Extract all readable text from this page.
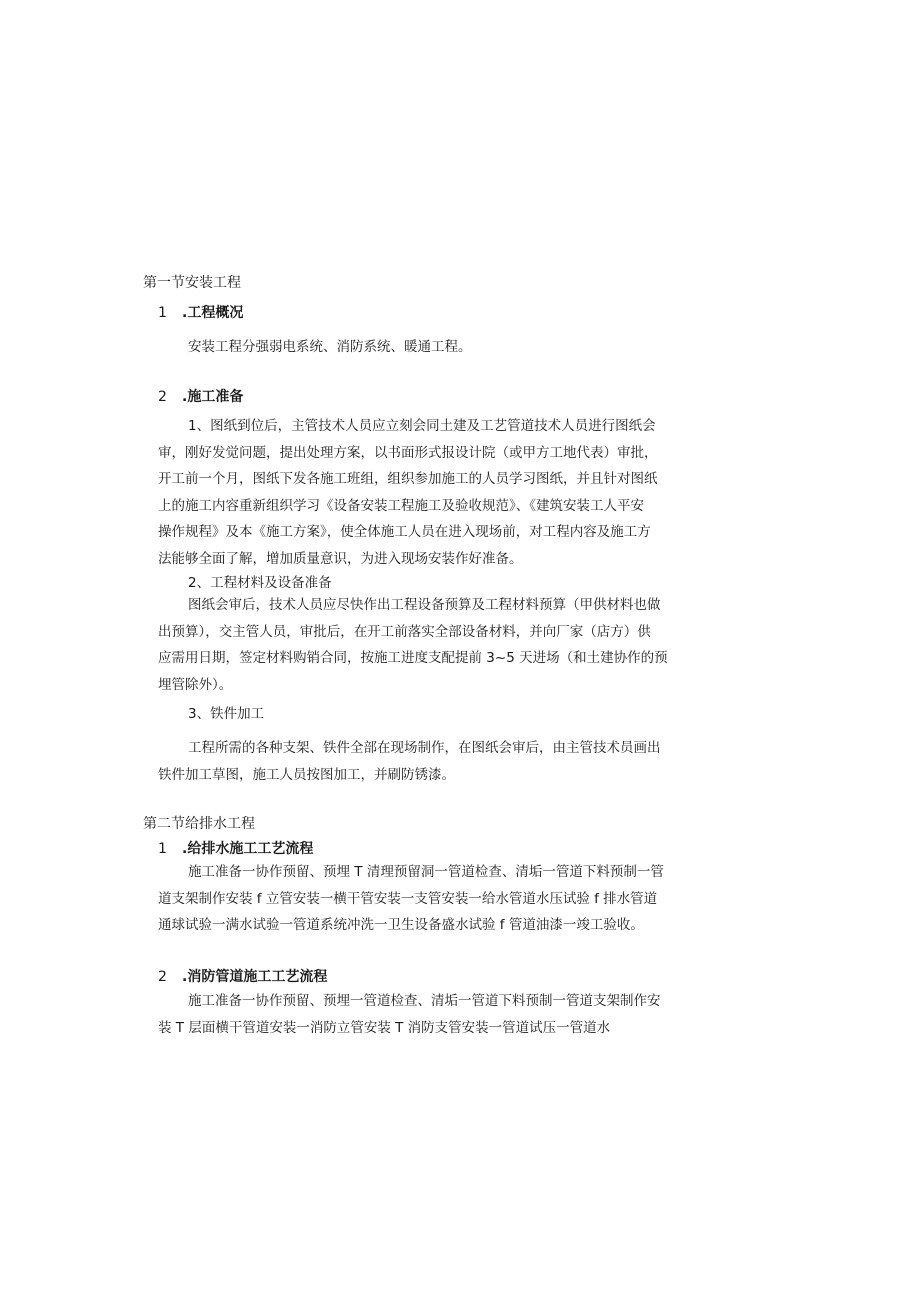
第一节安装工程
1 .工程概况
安装工程分强弱电系统、消防系统、暖通工程。
2 .施工准备
1、图纸到位后，主管技术人员应立刻会同土建及工艺管道技术人员进行图纸会
审，刚好发觉问题，提出处理方案，以书面形式报设计院（或甲方工地代表）审批，
开工前一个月，图纸下发各施工班组，组织参加施工的人员学习图纸，并且针对图纸
上的施工内容重新组织学习《设备安装工程施工及验收规范》、《建筑安装工人平安
操作规程》及本《施工方案》，使全体施工人员在进入现场前，对工程内容及施工方
法能够全面了解，增加质量意识，为进入现场安装作好准备。
2、工程材料及设备准备
图纸会审后，技术人员应尽快作出工程设备预算及工程材料预算（甲供材料也做
出预算），交主管人员，审批后，在开工前落实全部设备材料，并向厂家（店方）供
应需用日期，签定材料购销合同，按施工进度支配提前 3~5 天进场（和土建协作的预
埋管除外）。
3、铁件加工
工程所需的各种支架、铁件全部在现场制作，在图纸会审后，由主管技术员画出
铁件加工草图，施工人员按图加工，并刷防锈漆。
第二节给排水工程
1 .给排水施工工艺流程
施工准备一协作预留、预埋 T 清理预留洞一管道检查、清垢一管道下料预制一管
道支架制作安装 f 立管安装一横干管安装一支管安装一给水管道水压试验 f 排水管道
通球试验一满水试验一管道系统冲洗一卫生设备盛水试验 f 管道油漆一竣工验收。
2 .消防管道施工工艺流程
施工准备一协作预留、预埋一管道检查、清垢一管道下料预制一管道支架制作安
装 T 层面横干管道安装一消防立管安装 T 消防支管安装一管道试压一管道水
